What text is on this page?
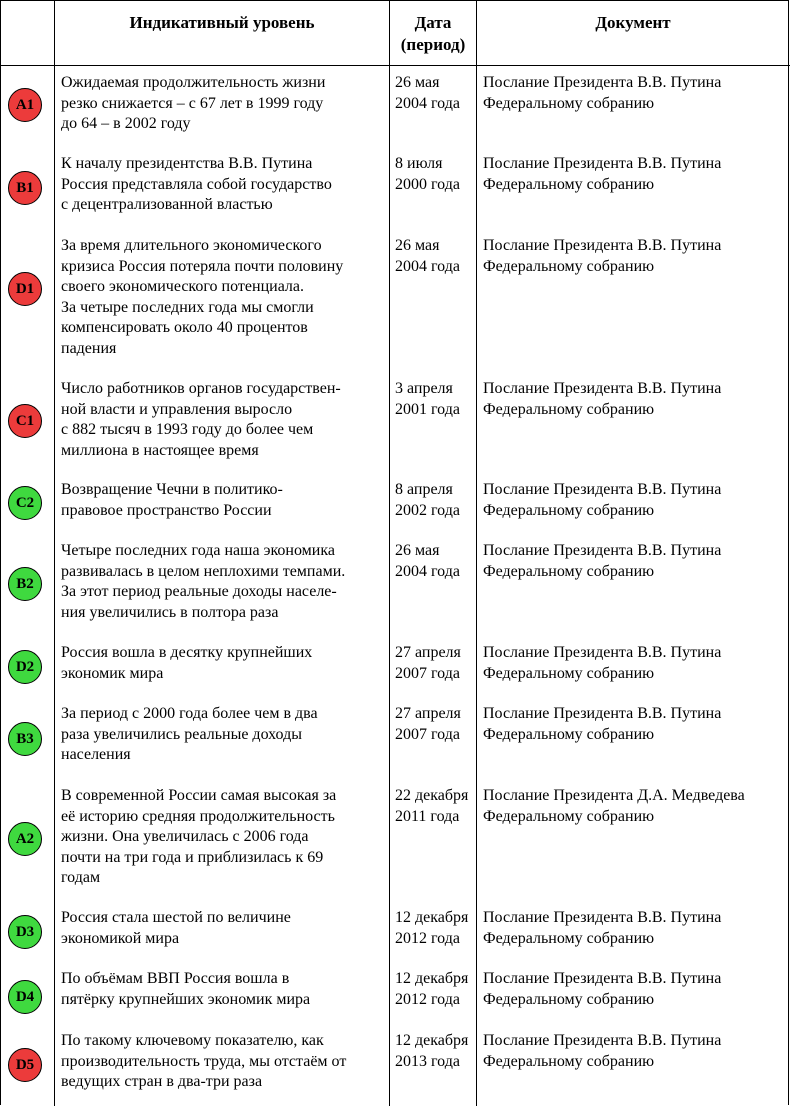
Индикативный уровень	Дата
(период)
Документ
A1
Ожидаемая продолжительность жизни
резко снижается – с 67 лет в 1999 году
до 64 – в 2002 году
26 мая
2004 года
Послание Президента В.В. Путина
Федеральному собранию
B1
К началу президентства В.В. Путина
Россия представляла собой государство
с децентрализованной властью
8 июля
2000 года
Послание Президента В.В. Путина
Федеральному собранию
D1
За время длительного экономического
кризиса Россия потеряла почти половину
своего экономического потенциала.
За четыре последних года мы смогли
компенсировать около 40 процентов
падения
26 мая
2004 года
Послание Президента В.В. Путина
Федеральному собранию
C1
Число работников органов государствен-
ной власти и управления выросло
с 882 тысяч в 1993 году до более чем
миллиона в настоящее время
3 апреля
2001 года
Послание Президента В.В. Путина
Федеральному собранию
C2
Возвращение Чечни в политико-
правовое пространство России
8 апреля
2002 года
Послание Президента В.В. Путина
Федеральному собранию
B2
Четыре последних года наша экономика
развивалась в целом неплохими темпами.
За этот период реальные доходы населе-
ния увеличились в полтора раза
26 мая
2004 года
Послание Президента В.В. Путина
Федеральному собранию
D2
Россия вошла в десятку крупнейших
экономик мира
27 апреля
2007 года
Послание Президента В.В. Путина
Федеральному собранию
B3
За период с 2000 года более чем в два
раза увеличились реальные доходы
населения
27 апреля
2007 года
Послание Президента В.В. Путина
Федеральному собранию
A2
В современной России самая высокая за
её историю средняя продолжительность
жизни. Она увеличилась с 2006 года
почти на три года и приблизилась к 69
годам
22 декабря
2011 года
Послание Президента Д.А. Медведева
Федеральному собранию
D3
Россия стала шестой по величине
экономикой мира
12 декабря
2012 года
Послание Президента В.В. Путина
Федеральному собранию
D4
По объёмам ВВП Россия вошла в
пятёрку крупнейших экономик мира
12 декабря
2012 года
Послание Президента В.В. Путина
Федеральному собранию
D5
По такому ключевому показателю, как
производительность труда, мы отстаём от
ведущих стран в два-три раза
12 декабря
2013 года
Послание Президента В.В. Путина
Федеральному собранию
